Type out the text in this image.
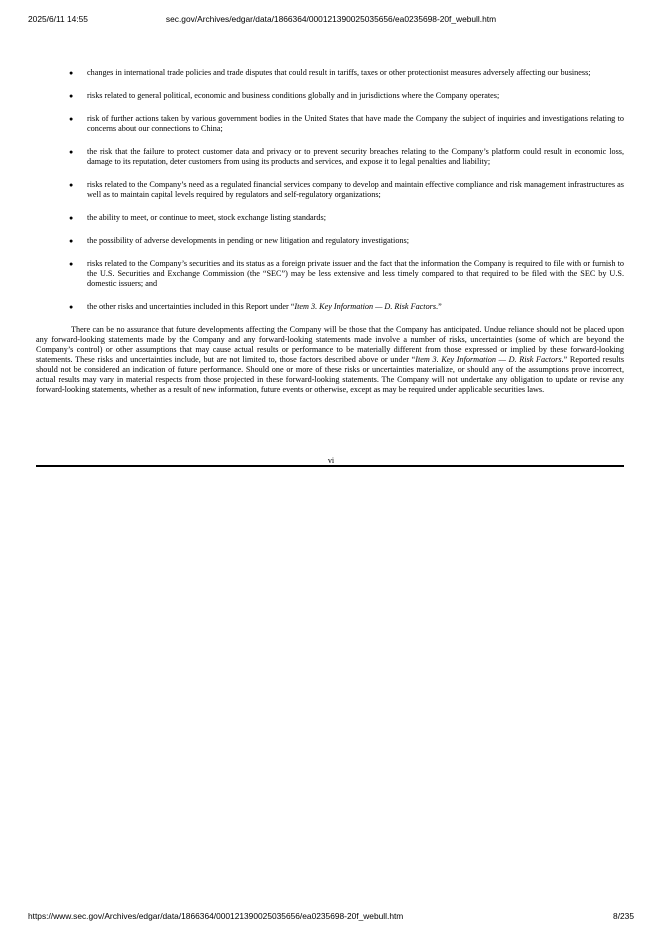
2025/6/11 14:55	sec.gov/Archives/edgar/data/1866364/000121390025035656/ea0235698-20f_webull.htm
● changes in international trade policies and trade disputes that could result in tariffs, taxes or other protectionist measures adversely affecting our business;
● risks related to general political, economic and business conditions globally and in jurisdictions where the Company operates;
● risk of further actions taken by various government bodies in the United States that have made the Company the subject of inquiries and investigations relating to concerns about our connections to China;
● the risk that the failure to protect customer data and privacy or to prevent security breaches relating to the Company’s platform could result in economic loss, damage to its reputation, deter customers from using its products and services, and expose it to legal penalties and liability;
● risks related to the Company’s need as a regulated financial services company to develop and maintain effective compliance and risk management infrastructures as well as to maintain capital levels required by regulators and self-regulatory organizations;
● the ability to meet, or continue to meet, stock exchange listing standards;
● the possibility of adverse developments in pending or new litigation and regulatory investigations;
● risks related to the Company’s securities and its status as a foreign private issuer and the fact that the information the Company is required to file with or furnish to the U.S. Securities and Exchange Commission (the “SEC”) may be less extensive and less timely compared to that required to be filed with the SEC by U.S. domestic issuers; and
● the other risks and uncertainties included in this Report under “Item 3. Key Information — D. Risk Factors.”

There can be no assurance that future developments affecting the Company will be those that the Company has anticipated. Undue reliance should not be placed upon any forward-looking statements made by the Company and any forward-looking statements made involve a number of risks, uncertainties (some of which are beyond the Company’s control) or other assumptions that may cause actual results or performance to be materially different from those expressed or implied by these forward-looking statements. These risks and uncertainties include, but are not limited to, those factors described above or under “Item 3. Key Information — D. Risk Factors.” Reported results should not be considered an indication of future performance. Should one or more of these risks or uncertainties materialize, or should any of the assumptions prove incorrect, actual results may vary in material respects from those projected in these forward-looking statements. The Company will not undertake any obligation to update or revise any forward-looking statements, whether as a result of new information, future events or otherwise, except as may be required under applicable securities laws.

vi
https://www.sec.gov/Archives/edgar/data/1866364/000121390025035656/ea0235698-20f_webull.htm	8/235
